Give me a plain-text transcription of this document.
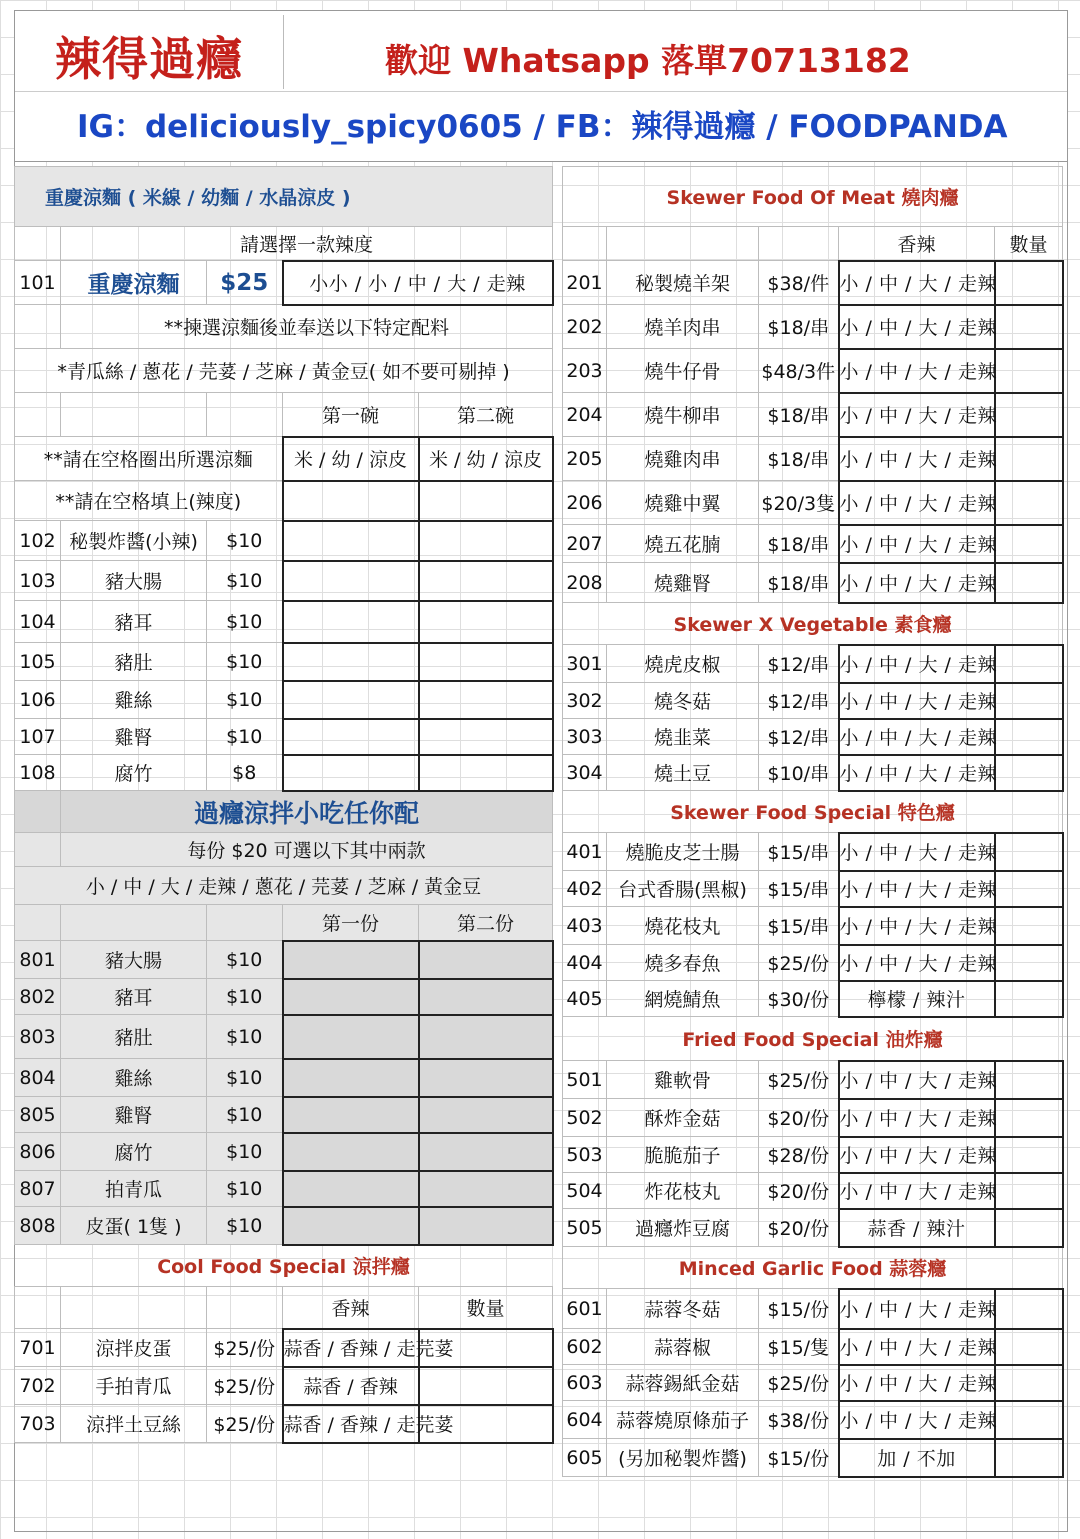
辣得過癮	歡迎 Whatsapp 落單70713182
IG：deliciously_spicy0605 / FB：辣得過癮 / FOODPANDA
重慶涼麵 ( 米線 / 幼麵 / 水晶涼皮 )				
	請選擇一款辣度			
101	重慶涼麵	$25	小小 / 小 / 中 / 大 / 走辣	
	**揀選涼麵後並奉送以下特定配料			
*青瓜絲 / 蔥花 / 芫荽 / 芝麻 / 黃金豆( 如不要可剔掉 )				
			第一碗	第二碗
**請在空格圈出所選涼麵			米 / 幼 / 涼皮	米 / 幼 / 涼皮
**請在空格填上(辣度)				
102	秘製炸醬(小辣)	$10		
103	豬大腸	$10		
104	豬耳	$10		
105	豬肚	$10		
106	雞絲	$10		
107	雞腎	$10		
108	腐竹	$8		
	過癮涼拌小吃任你配			
	每份 $20 可選以下其中兩款			
小 / 中 / 大 / 走辣 / 蔥花 / 芫荽 / 芝麻 / 黃金豆				
			第一份	第二份
801	豬大腸	$10		
802	豬耳	$10		
803	豬肚	$10		
804	雞絲	$10		
805	雞腎	$10		
806	腐竹	$10		
807	拍青瓜	$10		
808	皮蛋( 1隻 )	$10		
Cool Food Special 涼拌癮				
			香辣	數量
701	涼拌皮蛋	$25/份	蒜香 / 香辣 / 走芫荽	
702	手拍青瓜	$25/份	蒜香 / 香辣	
703	涼拌土豆絲	$25/份	蒜香 / 香辣 / 走芫荽	
Skewer Food Of Meat 燒肉癮				
			香辣	數量
201	秘製燒羊架	$38/件	小 / 中 / 大 / 走辣	
202	燒羊肉串	$18/串	小 / 中 / 大 / 走辣	
203	燒牛仔骨	$48/3件	小 / 中 / 大 / 走辣	
204	燒牛柳串	$18/串	小 / 中 / 大 / 走辣	
205	燒雞肉串	$18/串	小 / 中 / 大 / 走辣	
206	燒雞中翼	$20/3隻	小 / 中 / 大 / 走辣	
207	燒五花腩	$18/串	小 / 中 / 大 / 走辣	
208	燒雞腎	$18/串	小 / 中 / 大 / 走辣	
Skewer X Vegetable 素食癮				
301	燒虎皮椒	$12/串	小 / 中 / 大 / 走辣	
302	燒冬菇	$12/串	小 / 中 / 大 / 走辣	
303	燒韭菜	$12/串	小 / 中 / 大 / 走辣	
304	燒土豆	$10/串	小 / 中 / 大 / 走辣	
Skewer Food Special 特色癮				
401	燒脆皮芝士腸	$15/串	小 / 中 / 大 / 走辣	
402	台式香腸(黑椒)	$15/串	小 / 中 / 大 / 走辣	
403	燒花枝丸	$15/串	小 / 中 / 大 / 走辣	
404	燒多春魚	$25/份	小 / 中 / 大 / 走辣	
405	網燒鯖魚	$30/份	檸檬 / 辣汁	
Fried Food Special 油炸癮				
501	雞軟骨	$25/份	小 / 中 / 大 / 走辣	
502	酥炸金菇	$20/份	小 / 中 / 大 / 走辣	
503	脆脆茄子	$28/份	小 / 中 / 大 / 走辣	
504	炸花枝丸	$20/份	小 / 中 / 大 / 走辣	
505	過癮炸豆腐	$20/份	蒜香 / 辣汁	
Minced Garlic Food 蒜蓉癮				
601	蒜蓉冬菇	$15/份	小 / 中 / 大 / 走辣	
602	蒜蓉椒	$15/隻	小 / 中 / 大 / 走辣	
603	蒜蓉錫紙金菇	$25/份	小 / 中 / 大 / 走辣	
604	蒜蓉燒原條茄子	$38/份	小 / 中 / 大 / 走辣	
605	(另加秘製炸醬)	$15/份	加 / 不加	
